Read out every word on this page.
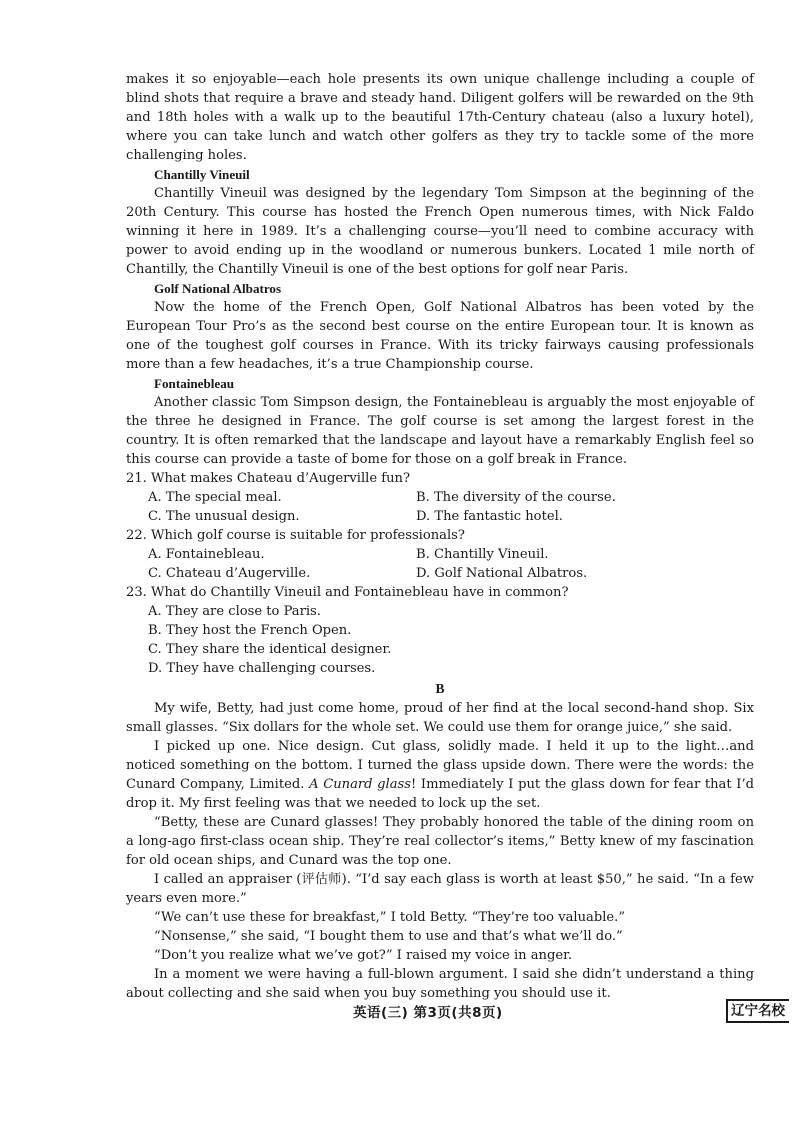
makes it so enjoyable—each hole presents its own unique challenge including a couple of blind shots that require a brave and steady hand. Diligent golfers will be rewarded on the 9th and 18th holes with a walk up to the beautiful 17th-Century chateau (also a luxury hotel), where you can take lunch and watch other golfers as they try to tackle some of the more challenging holes.

Chantilly Vineuil

Chantilly Vineuil was designed by the legendary Tom Simpson at the beginning of the 20th Century. This course has hosted the French Open numerous times, with Nick Faldo winning it here in 1989. It’s a challenging course—you’ll need to combine accuracy with power to avoid ending up in the woodland or numerous bunkers. Located 1 mile north of Chantilly, the Chantilly Vineuil is one of the best options for golf near Paris.

Golf National Albatros

Now the home of the French Open, Golf National Albatros has been voted by the European Tour Pro’s as the second best course on the entire European tour. It is known as one of the toughest golf courses in France. With its tricky fairways causing professionals more than a few headaches, it’s a true Championship course.

Fontainebleau

Another classic Tom Simpson design, the Fontainebleau is arguably the most enjoyable of the three he designed in France. The golf course is set among the largest forest in the country. It is often remarked that the landscape and layout have a remarkably English feel so this course can provide a taste of bome for those on a golf break in France.

21. What makes Chateau d’Augerville fun?

A. The special meal.	B. The diversity of the course.
C. The unusual design.	D. The fantastic hotel.

22. Which golf course is suitable for professionals?

A. Fontainebleau.	B. Chantilly Vineuil.
C. Chateau d’Augerville.	D. Golf National Albatros.

23. What do Chantilly Vineuil and Fontainebleau have in common?

A. They are close to Paris.
B. They host the French Open.
C. They share the identical designer.
D. They have challenging courses.

B

My wife, Betty, had just come home, proud of her find at the local second-hand shop. Six small glasses. “Six dollars for the whole set. We could use them for orange juice,” she said.

I picked up one. Nice design. Cut glass, solidly made. I held it up to the light…and noticed something on the bottom. I turned the glass upside down. There were the words: the Cunard Company, Limited. A Cunard glass! Immediately I put the glass down for fear that I’d drop it. My first feeling was that we needed to lock up the set.

“Betty, these are Cunard glasses! They probably honored the table of the dining room on a long-ago first-class ocean ship. They’re real collector’s items,” Betty knew of my fascination for old ocean ships, and Cunard was the top one.

I called an appraiser (评估师). “I’d say each glass is worth at least $50,” he said. “In a few years even more.”

“We can’t use these for breakfast,” I told Betty. “They’re too valuable.”

“Nonsense,” she said, “I bought them to use and that’s what we’ll do.”

“Don’t you realize what we’ve got?” I raised my voice in anger.

In a moment we were having a full-blown argument. I said she didn’t understand a thing about collecting and she said when you buy something you should use it.

英语(三) 第3页(共8页)	辽宁名校
